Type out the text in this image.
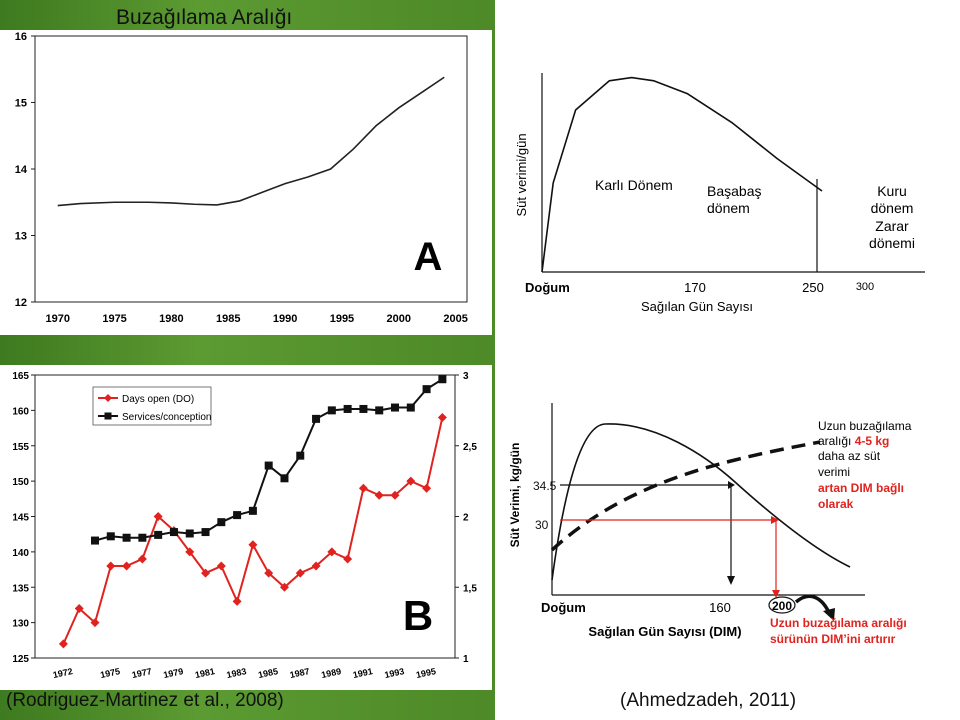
Buzağılama Aralığı
12
13
14
15
16
1970	1975	1980	1985	1990	1995	2000	2005
A
125
130
135
140
145
150
155
160
165
1
1,5
2
2,5
3
1972	1975 1977 1979 1981 1983 1985 1987 1989 1991 1993 1995
Days open (DO)
Services/conception
B
Süt verimi/gün	Karlı Dönem Başabaş
dönem
Kuru
dönem
Zarar
dönemi
Doğum	170	250	300
Sağılan Gün Sayısı
Süt Verimi, kg/gün 34.5
30
Doğum	160	200
Sağılan Gün Sayısı (DIM)
Uzun buzağılama
aralığı 4-5 kg
daha az süt
verimi
artan DIM bağlı
olarak
Uzun buzağılama aralığı
sürünün DIM’ini artırır
(Rodriguez-Martinez et al., 2008)	(Ahmedzadeh, 2011)
